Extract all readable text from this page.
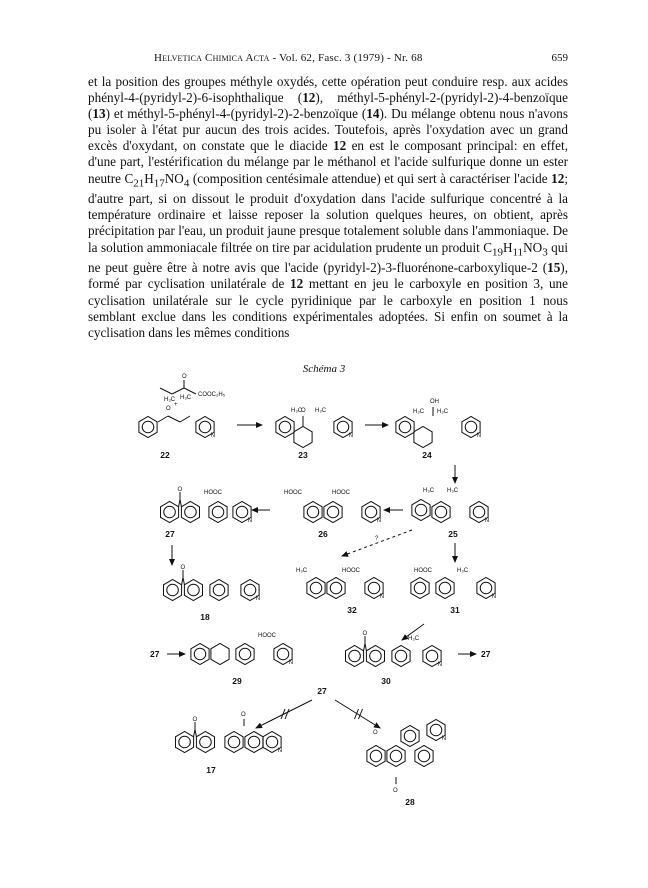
Helvetica Chimica Acta - Vol. 62, Fasc. 3 (1979) - Nr. 68	659

et la position des groupes méthyle oxydés, cette opération peut conduire resp. aux acides phényl-4-(pyridyl-2)-6-isophthalique (12), méthyl-5-phényl-2-(pyridyl-2)-4-benzoïque (13) et méthyl-5-phényl-4-(pyridyl-2)-2-benzoïque (14). Du mélange obtenu nous n'avons pu isoler à l'état pur aucun des trois acides. Toutefois, après l'oxydation avec un grand excès d'oxydant, on constate que le diacide 12 en est le composant principal: en effet, d'une part, l'estérification du mélange par le méthanol et l'acide sulfurique donne un ester neutre $C_{21}H_{17}NO_4$ (composition centésimale attendue) et qui sert à caractériser l'acide 12; d'autre part, si on dissout le produit d'oxydation dans l'acide sulfurique concentré à la température ordinaire et laisse reposer la solution quelques heures, on obtient, après précipitation par l'eau, un produit jaune presque totalement soluble dans l'ammoniaque. De la solution ammoniacale filtrée on tire par acidulation prudente un produit $C_{19}H_{11}NO_3$ qui ne peut guère être à notre avis que l'acide (pyridyl-2)-3-fluorénone-carboxylique-2 (15), formé par cyclisation unilatérale de 12 mettant en jeu le carboxyle en position 3, une cyclisation unilatérale sur le cycle pyridinique par le carboxyle en position 1 nous semblant exclue dans les conditions expérimentales adoptées. Si enfin on soumet à la cyclisation dans les mêmes conditions

Schéma 3
O
N
+
H₃C
O
H₃C
COOC₂H₅
22
O
H₃C H₃C
N
23
OH
H₃C H₃C
N
24
N
H₃C H₃C
25
N
HOOC	HOOC
26
O
N
HOOC
27
O
N
18
N
H₃C	HOOC
32
N
HOOC	H₃C
31
?
27
N
HOOC
29
O
N
H₃C
30
27
27
O
O
N
17
N
O
O
28
